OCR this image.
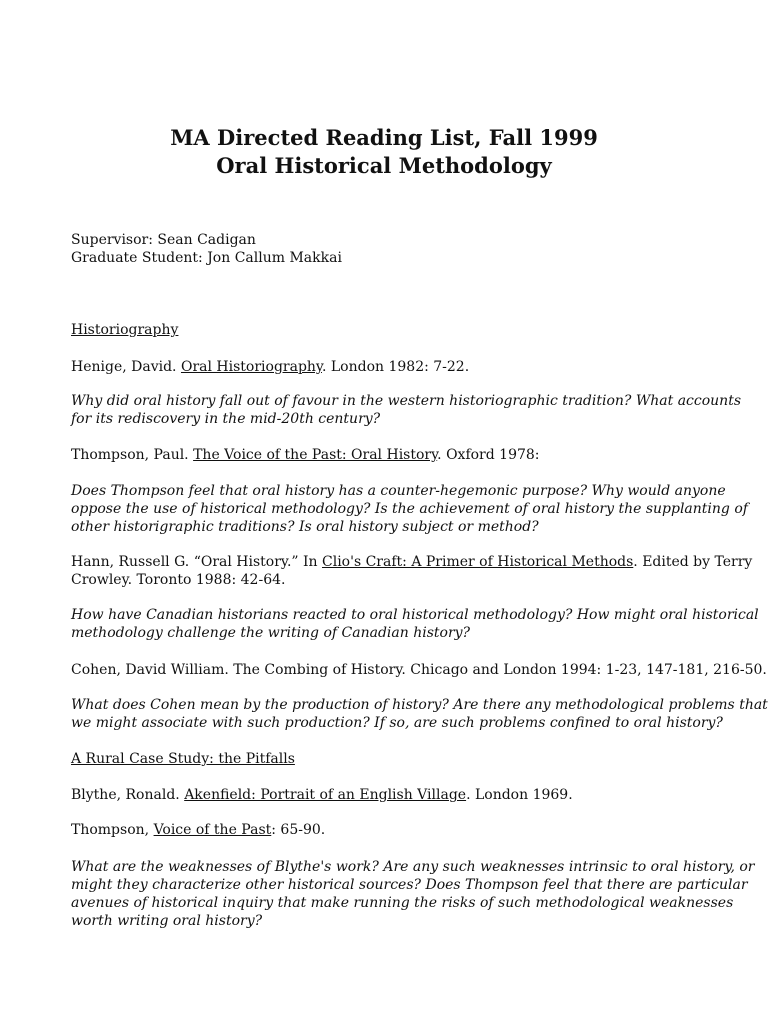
MA Directed Reading List, Fall 1999
Oral Historical Methodology
Supervisor: Sean Cadigan
Graduate Student: Jon Callum Makkai
Historiography
Henige, David. Oral Historiography. London 1982: 7-22.
Why did oral history fall out of favour in the western historiographic tradition? What accounts
for its rediscovery in the mid-20th century?
Thompson, Paul. The Voice of the Past: Oral History. Oxford 1978:
Does Thompson feel that oral history has a counter-hegemonic purpose? Why would anyone
oppose the use of historical methodology? Is the achievement of oral history the supplanting of
other historigraphic traditions? Is oral history subject or method?
Hann, Russell G. “Oral History.” In Clio's Craft: A Primer of Historical Methods. Edited by Terry
Crowley. Toronto 1988: 42-64.
How have Canadian historians reacted to oral historical methodology? How might oral historical
methodology challenge the writing of Canadian history?
Cohen, David William. The Combing of History. Chicago and London 1994: 1-23, 147-181, 216-50.
What does Cohen mean by the production of history? Are there any methodological problems that
we might associate with such production? If so, are such problems confined to oral history?
A Rural Case Study: the Pitfalls
Blythe, Ronald. Akenfield: Portrait of an English Village. London 1969.
Thompson, Voice of the Past: 65-90.
What are the weaknesses of Blythe's work? Are any such weaknesses intrinsic to oral history, or
might they characterize other historical sources? Does Thompson feel that there are particular
avenues of historical inquiry that make running the risks of such methodological weaknesses
worth writing oral history?
